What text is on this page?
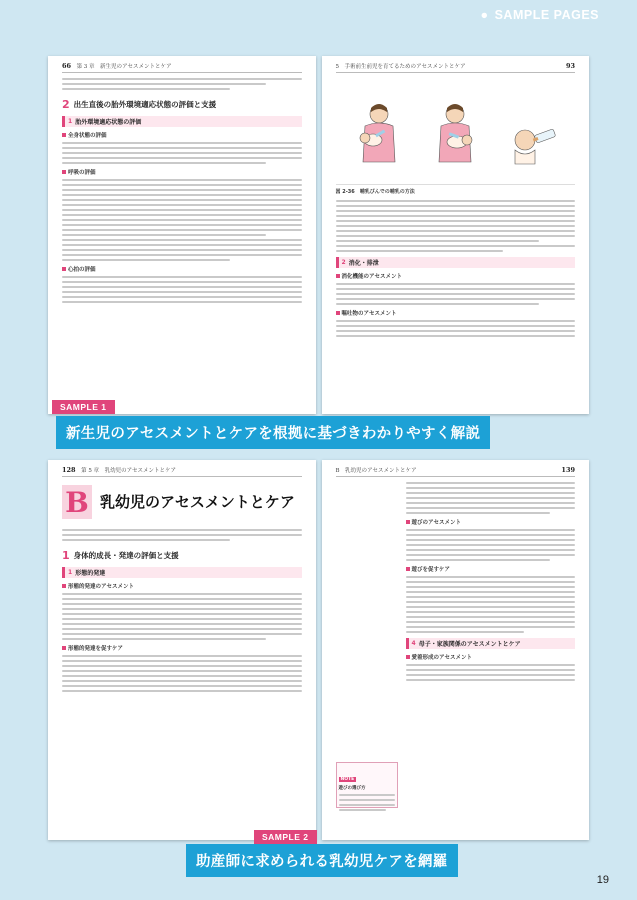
● SAMPLE PAGES
66　 第 3 章　新生児のアセスメントとケア
2 出生直後の胎外環境適応状態の評価と支援
1 胎外環境適応状態の評価
全身状態の評価
呼吸の評価
心拍の評価
5　手術前生前児を育てるためのアセスメントとケア	93
図 2-36　哺乳びんでの哺乳の方法
2 消化・排泄
消化機能のアセスメント
嘔吐物のアセスメント
SAMPLE 1
新生児のアセスメントとケアを根拠に基づきわかりやすく解説
128　 第 5 章　乳幼児のアセスメントとケア
B 乳幼児のアセスメントとケア
1 身体的成長・発達の評価と支援
1 形態的発達
形態的発達のアセスメント
形態的発達を促すケア
B　乳幼児のアセスメントとケア	139
遊びのアセスメント
遊びを促すケア
4 母子・家族関係のアセスメントとケア
愛着形成のアセスメント
NOTE
遊びの選び方
SAMPLE 2
助産師に求められる乳幼児ケアを網羅
19
